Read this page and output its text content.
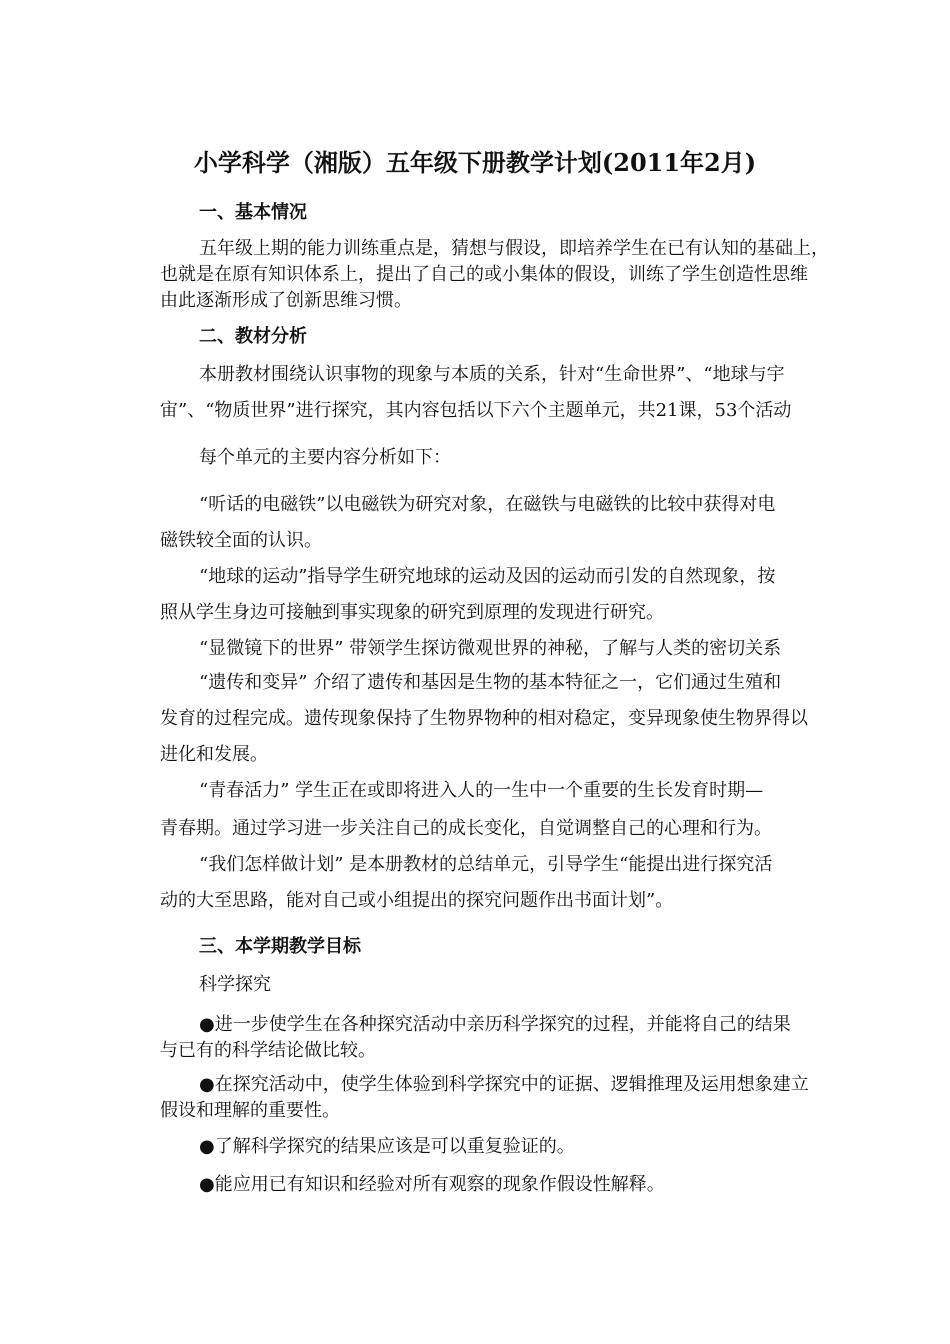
小学科学（湘版）五年级下册教学计划(2011年2月)
一、基本情况
五年级上期的能力训练重点是，猜想与假设，即培养学生在已有认知的基础上，
也就是在原有知识体系上，提出了自己的或小集体的假设，训练了学生创造性思维
由此逐渐形成了创新思维习惯。
二、教材分析
本册教材围绕认识事物的现象与本质的关系，针对“生命世界”、“地球与宇
宙”、“物质世界”进行探究，其内容包括以下六个主题单元，共21课，53个活动
每个单元的主要内容分析如下：
“听话的电磁铁”以电磁铁为研究对象，在磁铁与电磁铁的比较中获得对电
磁铁较全面的认识。
“地球的运动”指导学生研究地球的运动及因的运动而引发的自然现象，按
照从学生身边可接触到事实现象的研究到原理的发现进行研究。
“显微镜下的世界” 带领学生探访微观世界的神秘，了解与人类的密切关系
“遗传和变异” 介绍了遗传和基因是生物的基本特征之一，它们通过生殖和
发育的过程完成。遗传现象保持了生物界物种的相对稳定，变异现象使生物界得以
进化和发展。
“青春活力” 学生正在或即将进入人的一生中一个重要的生长发育时期—
青春期。通过学习进一步关注自己的成长变化，自觉调整自己的心理和行为。
“我们怎样做计划” 是本册教材的总结单元，引导学生“能提出进行探究活
动的大至思路，能对自己或小组提出的探究问题作出书面计划”。
三、本学期教学目标
科学探究
●进一步使学生在各种探究活动中亲历科学探究的过程，并能将自己的结果
与已有的科学结论做比较。
●在探究活动中，使学生体验到科学探究中的证据、逻辑推理及运用想象建立
假设和理解的重要性。
●了解科学探究的结果应该是可以重复验证的。
●能应用已有知识和经验对所有观察的现象作假设性解释。
